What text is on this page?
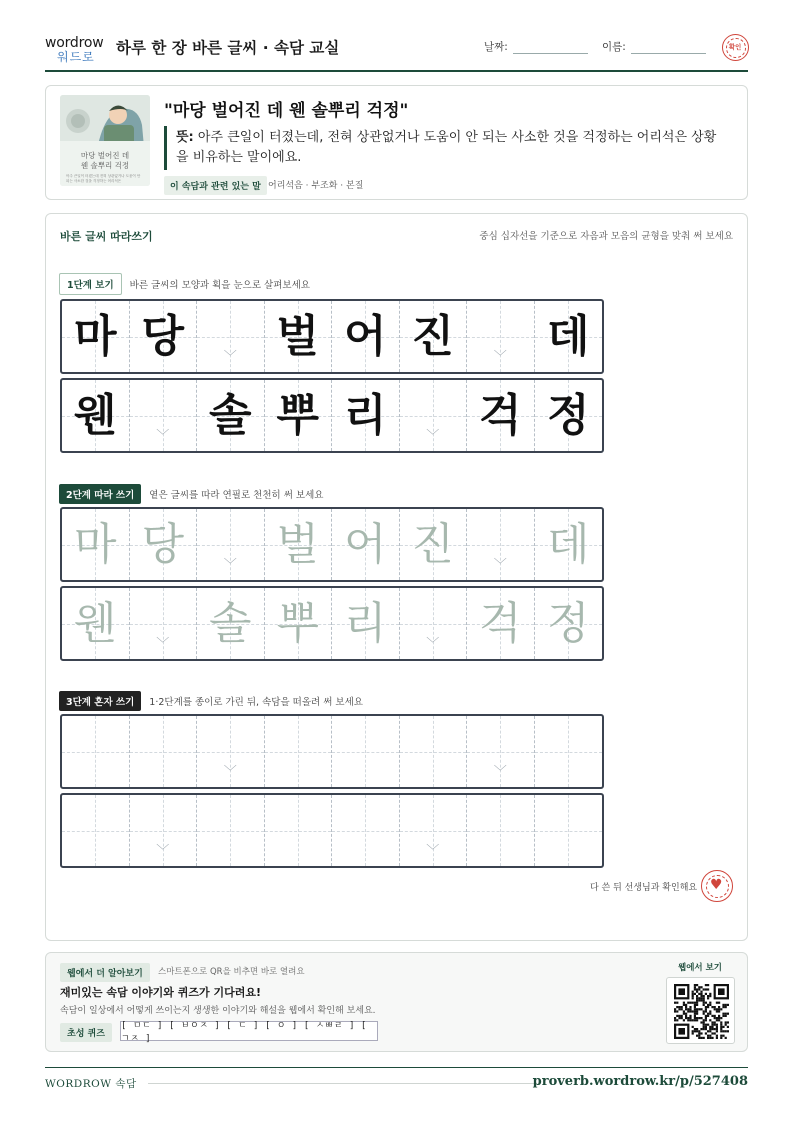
wordrow
워드로 하루 한 장 바른 글씨 · 속담 교실	날짜:	이름:	확인
마당 벌어진 데
웬 솔뿌리 걱정
아주 큰일이 터졌는데 전혀 상관없거나 도움이 안 되는 사소한 것을 걱정하는 어리석은
"마당 벌어진 데 웬 솔뿌리 걱정"
뜻: 아주 큰일이 터졌는데, 전혀 상관없거나 도움이 안 되는 사소한 것을 걱정하는 어리석은 상황을 비유하는 말이에요.
이 속담과 관련 있는 말 어리석음 · 부조화 · 본질
바른 글씨 따라쓰기	중심 십자선을 기준으로 자음과 모음의 균형을 맞춰 써 보세요
1단계 보기	바른 글씨의 모양과 획을 눈으로 살펴보세요
마 당	﹀ 벌 어 진	﹀ 데
웬	﹀ 솔 뿌 리	﹀ 걱 정
2단계 따라 쓰기	옅은 글씨를 따라 연필로 천천히 써 보세요
마 당	﹀ 벌 어 진	﹀ 데
웬	﹀ 솔 뿌 리	﹀ 걱 정
3단계 혼자 쓰기	1·2단계를 종이로 가린 뒤, 속담을 떠올려 써 보세요
﹀	﹀
﹀	﹀
다 쓴 뒤 선생님과 확인해요 ♥
웹에서 더 알아보기	스마트폰으로 QR을 비추면 바로 열려요
재미있는 속담 이야기와 퀴즈가 기다려요!
속담이 일상에서 어떻게 쓰이는지 생생한 이야기와 해설을 웹에서 확인해 보세요.
초성 퀴즈
[ ㅁㄷ ] [ ㅂㅇㅈ ] [ ㄷ ] [ ㅇ ] [ ㅅㅃㄹ ] [ ㄱㅈ ]
웹에서 보기
WORDROW 속담	proverb.wordrow.kr/p/527408
